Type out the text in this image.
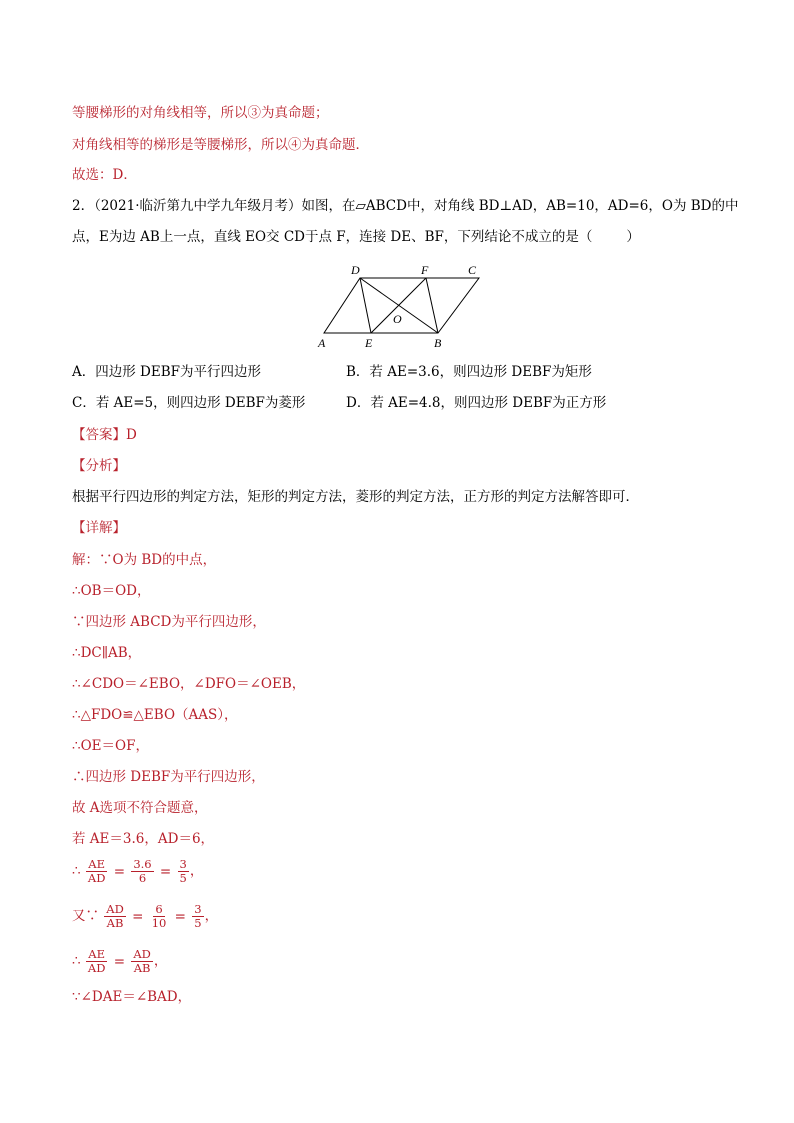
等腰梯形的对角线相等，所以③为真命题；
对角线相等的梯形是等腰梯形，所以④为真命题．
故选：D．
2．（2021·临沂第九中学九年级月考）如图，在▱ABCD中，对角线 BD⊥AD，AB=10，AD=6，O为 BD的中
点，E为边 AB上一点，直线 EO交 CD于点 F，连接 DE、BF，下列结论不成立的是（	）
D	F	C
O
A	E	B
A．四边形 DEBF为平行四边形	B．若 AE=3.6，则四边形 DEBF为矩形
C．若 AE=5，则四边形 DEBF为菱形	D．若 AE=4.8，则四边形 DEBF为正方形
【答案】D
【分析】
根据平行四边形的判定方法，矩形的判定方法，菱形的判定方法，正方形的判定方法解答即可．
【详解】
解：∵O为 BD的中点，
∴OB＝OD，
∵四边形 ABCD为平行四边形，
∴DC∥AB，
∴∠CDO＝∠EBO，∠DFO＝∠OEB，
∴△FDO≌△EBO（AAS），
∴OE＝OF，
∴四边形 DEBF为平行四边形，
故 A选项不符合题意，
若 AE＝3.6，AD＝6，
∴ $\frac{AE}{AD} = \frac{3.6}{6} = \frac{3}{5}$ ，
又∵ $\frac{AD}{AB} = \frac{6}{10} = \frac{3}{5}$ ，
∴ $\frac{AE}{AD} = \frac{AD}{AB}$ ，
∵∠DAE＝∠BAD，
